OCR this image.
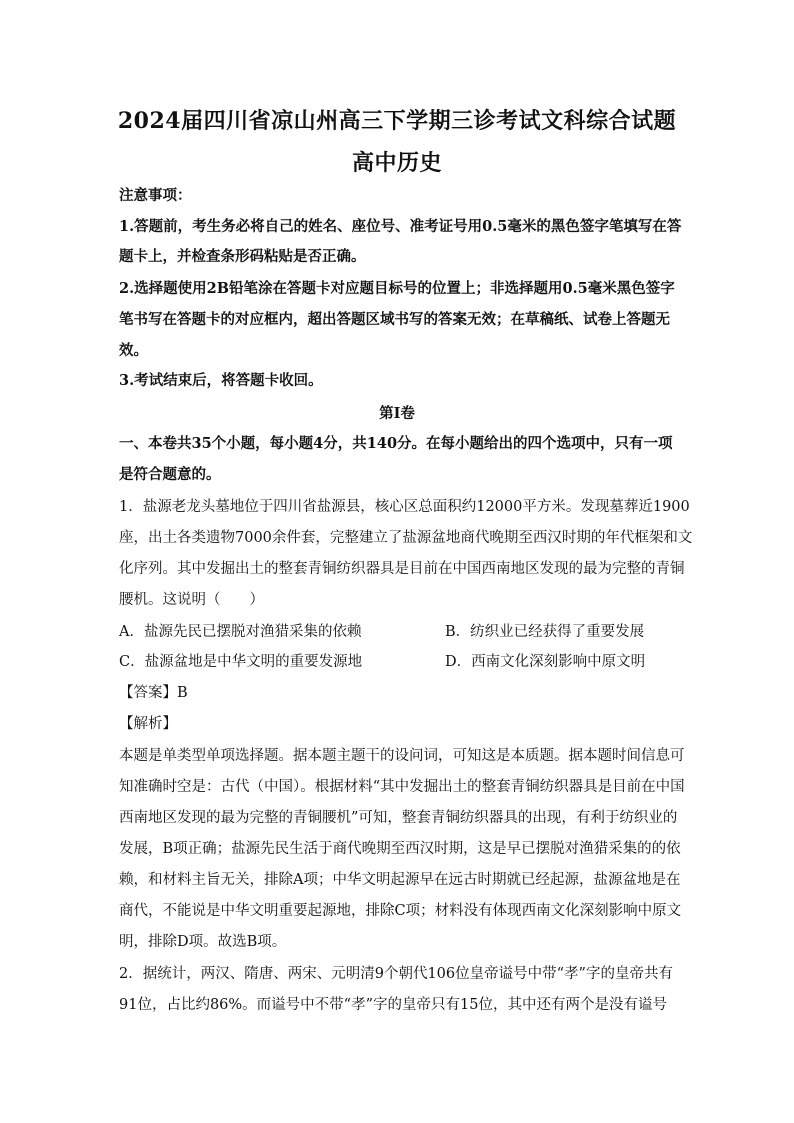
2024届四川省凉山州高三下学期三诊考试文科综合试题
高中历史
注意事项：
1.答题前，考生务必将自己的姓名、座位号、准考证号用0.5毫米的黑色签字笔填写在答
题卡上，并检查条形码粘贴是否正确。
2.选择题使用2B铅笔涂在答题卡对应题目标号的位置上；非选择题用0.5毫米黑色签字
笔书写在答题卡的对应框内，超出答题区域书写的答案无效；在草稿纸、试卷上答题无
效。
3.考试结束后，将答题卡收回。
第Ⅰ卷
一、本卷共35个小题，每小题4分，共140分。在每小题给出的四个选项中，只有一项
是符合题意的。
1．盐源老龙头墓地位于四川省盐源县，核心区总面积约12000平方米。发现墓葬近1900
座，出土各类遗物7000余件套，完整建立了盐源盆地商代晚期至西汉时期的年代框架和文
化序列。其中发掘出土的整套青铜纺织器具是目前在中国西南地区发现的最为完整的青铜
腰机。这说明（　　）
A．盐源先民已摆脱对渔猎采集的依赖	B．纺织业已经获得了重要发展
C．盐源盆地是中华文明的重要发源地	D．西南文化深刻影响中原文明
【答案】B
【解析】
本题是单类型单项选择题。据本题主题干的设问词，可知这是本质题。据本题时间信息可
知准确时空是：古代（中国）。根据材料“其中发掘出土的整套青铜纺织器具是目前在中国
西南地区发现的最为完整的青铜腰机”可知，整套青铜纺织器具的出现，有利于纺织业的
发展，B项正确；盐源先民生活于商代晚期至西汉时期，这是早已摆脱对渔猎采集的的依
赖，和材料主旨无关，排除A项；中华文明起源早在远古时期就已经起源，盐源盆地是在
商代，不能说是中华文明重要起源地，排除C项；材料没有体现西南文化深刻影响中原文
明，排除D项。故选B项。
2．据统计，两汉、隋唐、两宋、元明清9个朝代106位皇帝谥号中带“孝”字的皇帝共有
91位，占比约86%。而谥号中不带“孝”字的皇帝只有15位，其中还有两个是没有谥号
